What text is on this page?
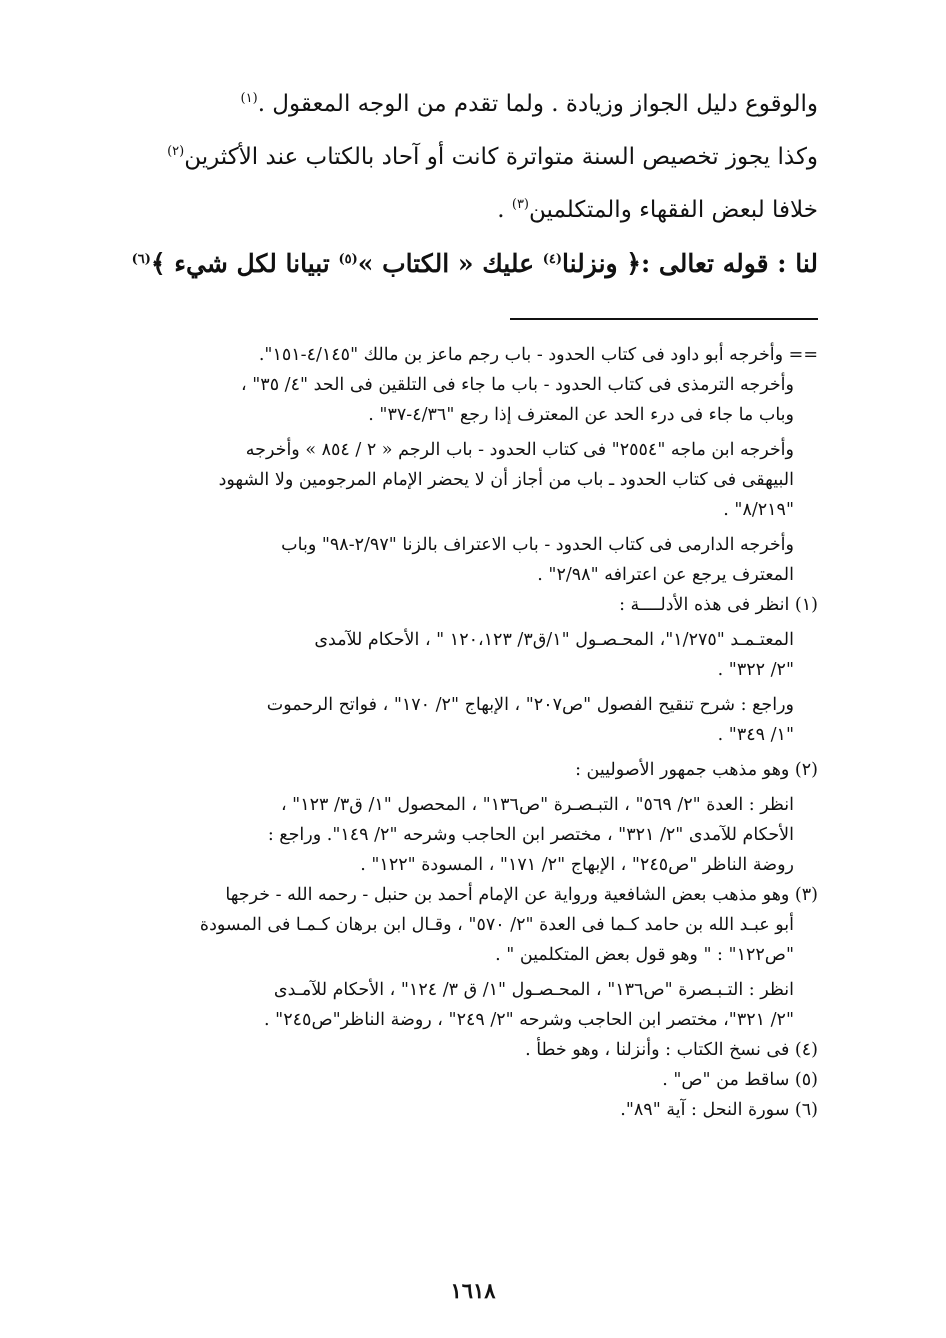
والوقوع دليل الجواز وزيادة . ولما تقدم من الوجه المعقول .$^{(١)}$
وكذا يجوز تخصيص السنة متواترة كانت أو آحاد بالكتاب عند الأكثرين$^{(٢)}$
خلافا لبعض الفقهاء والمتكلمين$^{(٣)}$ .
لنا : قوله تعالى :﴿ ونزلنا$^{(٤)}$ عليك « الكتاب »$^{(٥)}$ تبيانا لكل شيء ﴾$^{(٦)}$

== وأخرجه أبو داود فى كتاب الحدود - باب رجم ماعز بن مالك "٤/١٤٥-١٥١".

وأخرجه الترمذى فى كتاب الحدود - باب ما جاء فى التلقين فى الحد "٤/ ٣٥" ،
وباب ما جاء فى درء الحد عن المعترف إذا رجع "٤/٣٦-٣٧" .

وأخرجه ابن ماجه "٢٥٥٤" فى كتاب الحدود - باب الرجم « ٢ / ٨٥٤ » وأخرجه
البيهقى فى كتاب الحدود ـ باب من أجاز أن لا يحضر الإمام المرجومين ولا الشهود
"٨/٢١٩" .

وأخرجه الدارمى فى كتاب الحدود - باب الاعتراف بالزنا "٢/٩٧-٩٨" وباب
المعترف يرجع عن اعترافه "٢/٩٨" .

(١) انظر فى هذه الأدلــــة :

المعتـمـد "١/٢٧٥"، المحـصـول "١/ق٣/ ١٢٠،١٢٣ " ، الأحكام للآمدى
"٢/ ٣٢٢" .

وراجع : شرح تنقيح الفصول "ص٢٠٧" ، الإبهاج "٢/ ١٧٠" ، فواتح الرحموت
"١/ ٣٤٩" .

(٢) وهو مذهب جمهور الأصوليين :

انظر : العدة "٢/ ٥٦٩" ، التبـصـرة "ص١٣٦" ، المحصول "١/ ق٣/ ١٢٣" ،
الأحكام للآمدى "٢/ ٣٢١" ، مختصر ابن الحاجب وشرحه "٢/ ١٤٩". وراجع :
روضة الناظر "ص٢٤٥" ، الإبهاج "٢/ ١٧١" ، المسودة "١٢٢" .

(٣) وهو مذهب بعض الشافعية ورواية عن الإمام أحمد بن حنبل - رحمه الله - خرجها
أبو عبـد الله بن حامد كـما فى العدة "٢/ ٥٧٠" ، وقـال ابن برهان كـمـا فى المسودة
"ص١٢٢" : " وهو قول بعض المتكلمين " .

انظر : التـبـصرة "ص١٣٦" ، المحـصـول "١/ ق ٣/ ١٢٤" ، الأحكام للآمـدى
"٢/ ٣٢١"، مختصر ابن الحاجب وشرحه "٢/ ٢٤٩" ، روضة الناظر"ص٢٤٥" .

(٤) فى نسخ الكتاب : وأنزلنا ، وهو خطأ .

(٥) ساقط من "ص" .

(٦) سورة النحل : آية "٨٩".

١٦١٨
